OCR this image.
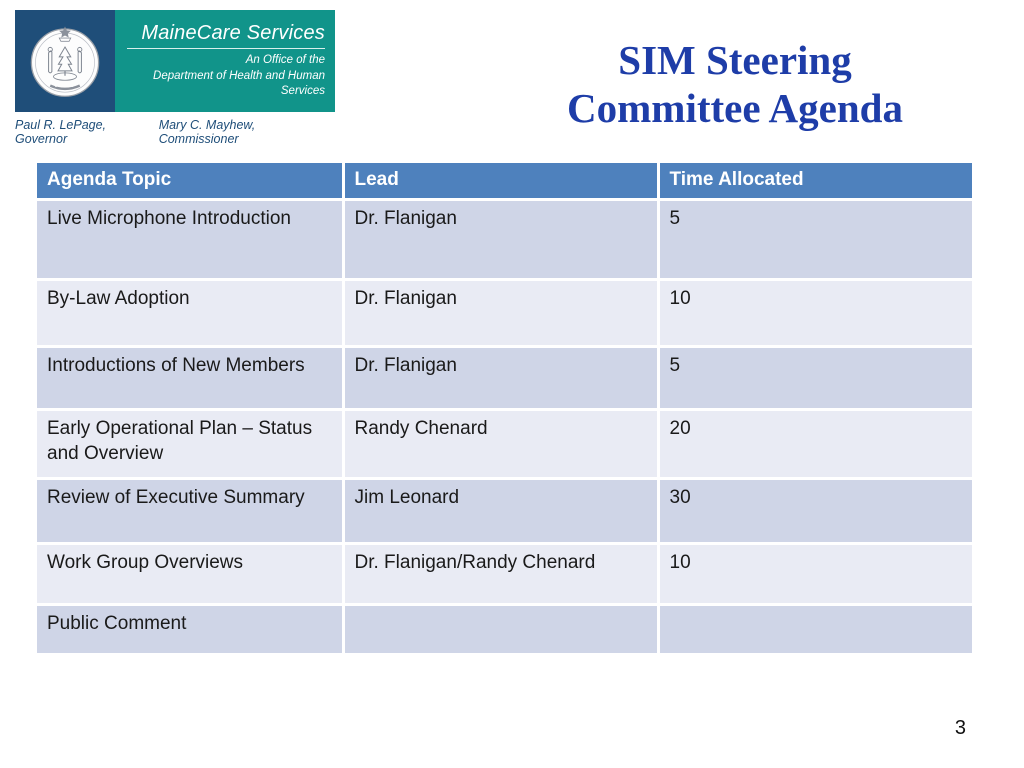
MaineCare Services
An Office of the
Department of Health and Human Services
Paul R. LePage, Governor
Mary C. Mayhew, Commissioner
SIM Steering
Committee Agenda
Agenda Topic	Lead	Time Allocated
Live Microphone Introduction	Dr. Flanigan	5
By-Law Adoption	Dr. Flanigan	10
Introductions of New Members	Dr. Flanigan	5
Early Operational Plan – Status and Overview	Randy Chenard	20
Review of Executive Summary	Jim Leonard	30
Work Group Overviews	Dr. Flanigan/Randy Chenard	10
Public Comment		
3
